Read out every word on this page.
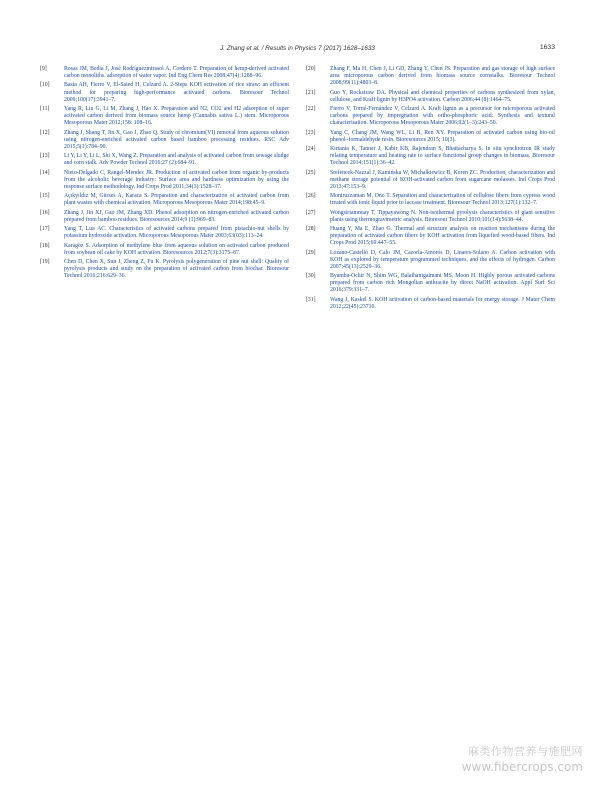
J. Zhang et al. / Results in Physics 7 (2017) 1628–1633	1633
[9]	Rosas JM, Bedia J, José Rodríguezmirasol A, Cordero T. Preparation of hemp-derived activated carbon monoliths. adsorption of water vapor. Ind Eng Chem Res 2008;47(4):1288–96.
[10]	Basta AH, Fierro V, El-Saied H, Celzard A. 2-Steps KOH activation of rice straw: an efficient method for preparing high-performance activated carbons. Bioresour Technol 2009;100(17):3941–7.
[11]	Yang R, Liu G, Li M, Zhang J, Hao X. Preparation and N2, CO2 and H2 adsorption of super activated carbon derived from biomass source hemp (Cannabis sativa L.) stem. Microporous Mesoporous Mater 2012;158: 108–16.
[12]	Zhang J, Shang T, Jin X, Gao J, Zhao Q. Study of chromium(VI) removal from aqueous solution using nitrogen-enriched activated carbon based bamboo processing residues. RSC Adv 2015;5(1):784–90.
[13]	Li Y, Li Y, Li L, Shi X, Wang Z. Preparation and analysis of activated carbon from sewage sludge and corn stalk. Adv Powder Technol 2016;27 (2):684–91.
[14]	Nieto-Delgado C, Rangel-Mendez JR. Production of activated carbon from organic by-products from the alcoholic beverage industry: Surface area and hardness optimization by using the response surface methodology. Ind Crops Prod 2011;34(3):1528–37.
[15]	Açıkyıldız M, Gürses A, Karaca S. Preparation and characterization of activated carbon from plant wastes with chemical activation. Microporous Mesoporous Mater 2014;198:45–9.
[16]	Zhang J, Jin XJ, Gao JM, Zhang XD. Phenol adsorption on nitrogen-enriched activated carbon prepared from bamboo residues. Bioresources 2014;9 (1):969–83.
[17]	Yang T, Lua AC. Characteristics of activated carbons prepared from pistachio-nut shells by potassium hydroxide activation. Microporous Mesoporous Mater 2003;63(03):113–24.
[18]	Karagöz S. Adsorption of methylene blue from aqueous solution on activated carbon produced from soybean oil cake by KOH activation. Bioresources 2012;7(3):3175–87.
[19]	Chen D, Chen X, Sun J, Zheng Z, Fu K. Pyrolysis polygeneration of pine nut shell: Quality of pyrolysis products and study on the preparation of activated carbon from biochar. Bioresour Technol 2016;216:629–36.
[20]	Zhang F, Ma H, Chen J, Li GD, Zhang Y, Chen JS. Preparation and gas storage of high surface area microporous carbon derived from biomass source cornstalks. Bioresour Technol 2008;99(11):4803–8.
[21]	Guo Y, Rockstraw DA. Physical and chemical properties of carbons synthesized from xylan, cellulose, and Kraft lignin by H3PO4 activation. Carbon 2006;44 (8):1464–75.
[22]	Fierro V, Torné-Fernández V, Celzard A. Kraft lignin as a precursor for microporous activated carbons prepared by impregnation with ortho-phosphoric acid: Synthesis and textural characterisation. Microporous Mesoporous Mater 2006;92(1–3):243–50.
[23]	Yang C, Chang JM, Wang WL, Li B, Ren XY. Preparation of activated carbon using bio-oil phenol–formaldehyde resin. Bioresources 2015; 10(3).
[24]	Kirtania K, Tanner J, Kabir KB, Rajendran S, Bhattacharya S. In situ synchrotron IR study relating temperature and heating rate to surface functional group changes in biomass. Bioresour Technol 2014;151(1):36–42.
[25]	Srefencek-Nazzal J, Kamińska W, Michalkiewicz B, Koren ZC. Production, characterization and methane storage potential of KOH-activated carbon from sugarcane molasses. Ind Crops Prod 2013;47:153–9.
[26]	Moniruzzaman M, Ono T. Separation and characterization of cellulose fibers from cypress wood treated with ionic liquid prior to laccase treatment. Bioresour Technol 2013;127(1):132–7.
[27]	Wongsiriamnuay T, Tippayawong N. Non-isothermal pyrolysis characteristics of giant sensitive plants using thermogravimetric analysis. Bioresour Technol 2010;101(14):5638–44.
[28]	Huang Y, Ma E, Zhao G. Thermal and structure analysis on reaction mechanisms during the preparation of activated carbon fibers by KOH activation from liquefied wood-based fibers. Ind Crops Prod 2015;69:447–55.
[29]	Lozano-Castelló D, Calo JM, Cazorla-Amorós D, Linares-Solano A. Carbon activation with KOH as explored by temperature programmed techniques, and the effects of hydrogen. Carbon 2007;45(13):2529–36.
[30]	Byamba-Ochir N, Shim WG, Balathanigaimani MS, Moon H. Highly porous activated carbons prepared from carbon rich Mongolian anthracite by direct NaOH activation. Appl Surf Sci 2016;379:331–7.
[31]	Wang J, Kaskel S. KOH activation of carbon-based materials for energy storage. J Mater Chem 2012;22(45):23710.
麻类作物营养与施肥网
www.fibercrops.com
